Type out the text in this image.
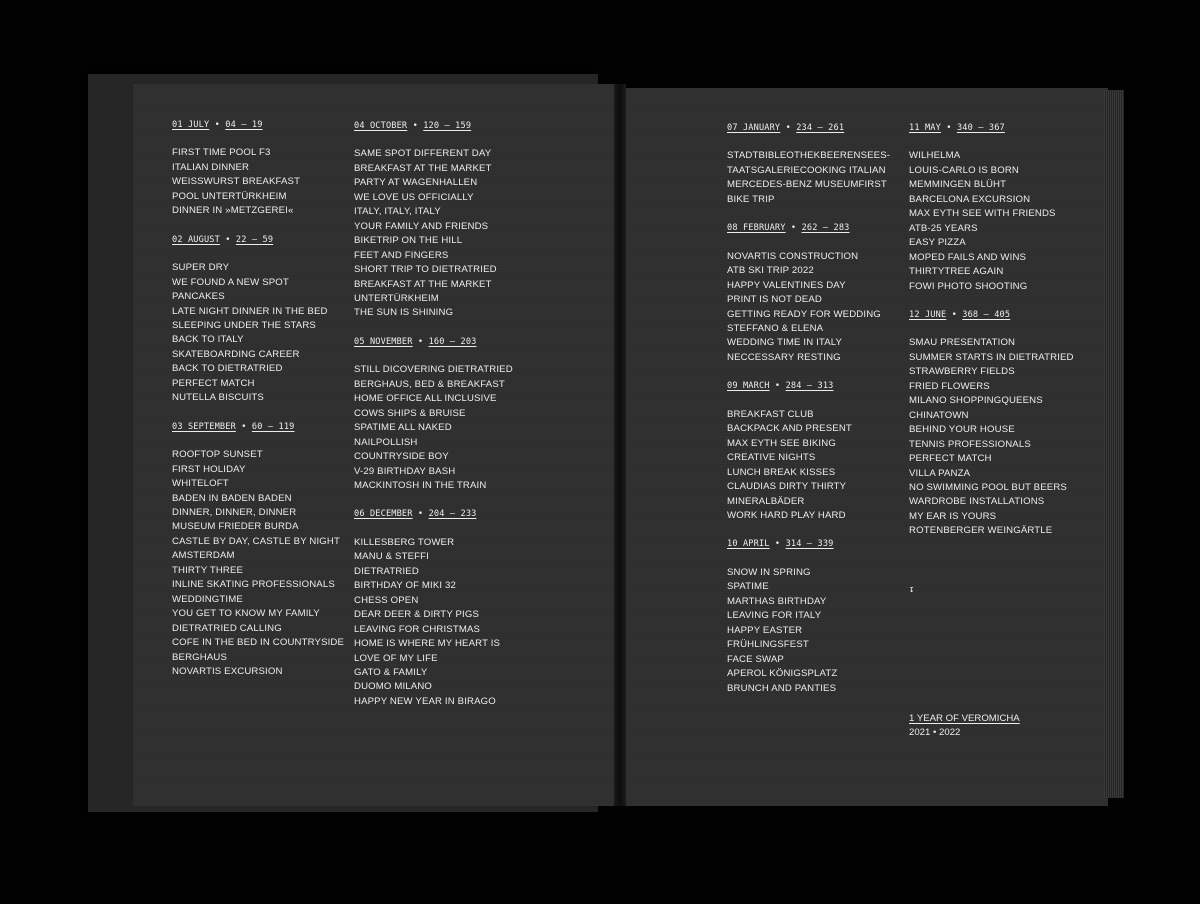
01 JULY • 04 – 19
FIRST TIME POOL F3
ITALIAN DINNER
WEISSWURST BREAKFAST
POOL UNTERTÜRKHEIM
DINNER IN »METZGEREI«
02 AUGUST • 22 – 59
SUPER DRY
WE FOUND A NEW SPOT
PANCAKES
LATE NIGHT DINNER IN THE BED
SLEEPING UNDER THE STARS
BACK TO ITALY
SKATEBOARDING CAREER
BACK TO DIETRATRIED
PERFECT MATCH
NUTELLA BISCUITS
03 SEPTEMBER • 60 – 119
ROOFTOP SUNSET
FIRST HOLIDAY
WHITELOFT
BADEN IN BADEN BADEN
DINNER, DINNER, DINNER
MUSEUM FRIEDER BURDA
CASTLE BY DAY, CASTLE BY NIGHT
AMSTERDAM
THIRTY THREE
INLINE SKATING PROFESSIONALS
WEDDINGTIME
YOU GET TO KNOW MY FAMILY
DIETRATRIED CALLING
COFE IN THE BED IN COUNTRYSIDE
BERGHAUS
NOVARTIS EXCURSION
04 OCTOBER • 120 – 159
SAME SPOT DIFFERENT DAY
BREAKFAST AT THE MARKET
PARTY AT WAGENHALLEN
WE LOVE US OFFICIALLY
ITALY, ITALY, ITALY
YOUR FAMILY AND FRIENDS
BIKETRIP ON THE HILL
FEET AND FINGERS
SHORT TRIP TO DIETRATRIED
BREAKFAST AT THE MARKET
UNTERTÜRKHEIM
THE SUN IS SHINING
05 NOVEMBER • 160 – 203
STILL DICOVERING DIETRATRIED
BERGHAUS, BED & BREAKFAST
HOME OFFICE ALL INCLUSIVE
COWS SHIPS & BRUISE
SPATIME ALL NAKED
NAILPOLLISH
COUNTRYSIDE BOY
V-29 BIRTHDAY BASH
MACKINTOSH IN THE TRAIN
06 DECEMBER • 204 – 233
KILLESBERG TOWER
MANU & STEFFI
DIETRATRIED
BIRTHDAY OF MIKI 32
CHESS OPEN
DEAR DEER & DIRTY PIGS
LEAVING FOR CHRISTMAS
HOME IS WHERE MY HEART IS
LOVE OF MY LIFE
GATO & FAMILY
DUOMO MILANO
HAPPY NEW YEAR IN BIRAGO
07 JANUARY • 234 – 261
STADTBIBLEOTHEKBEERENSEES-
TAATSGALERIECOOKING ITALIAN
MERCEDES-BENZ MUSEUMFIRST
BIKE TRIP
08 FEBRUARY • 262 – 283
NOVARTIS CONSTRUCTION
ATB SKI TRIP 2022
HAPPY VALENTINES DAY
PRINT IS NOT DEAD
GETTING READY FOR WEDDING
STEFFANO & ELENA
WEDDING TIME IN ITALY
NECCESSARY RESTING
09 MARCH • 284 – 313
BREAKFAST CLUB
BACKPACK AND PRESENT
MAX EYTH SEE BIKING
CREATIVE NIGHTS
LUNCH BREAK KISSES
CLAUDIAS DIRTY THIRTY
MINERALBÄDER
WORK HARD PLAY HARD
10 APRIL • 314 – 339
SNOW IN SPRING
SPATIME
MARTHAS BIRTHDAY
LEAVING FOR ITALY
HAPPY EASTER
FRÜHLINGSFEST
FACE SWAP
APEROL KÖNIGSPLATZ
BRUNCH AND PANTIES
11 MAY • 340 – 367
WILHELMA
LOUIS-CARLO IS BORN
MEMMINGEN BLÜHT
BARCELONA EXCURSION
MAX EYTH SEE WITH FRIENDS
ATB-25 YEARS
EASY PIZZA
MOPED FAILS AND WINS
THIRTYTREE AGAIN
FOWI PHOTO SHOOTING
12 JUNE • 368 – 405
SMAU PRESENTATION
SUMMER STARTS IN DIETRATRIED
STRAWBERRY FIELDS
FRIED FLOWERS
MILANO SHOPPINGQUEENS
CHINATOWN
BEHIND YOUR HOUSE
TENNIS PROFESSIONALS
PERFECT MATCH
VILLA PANZA
NO SWIMMING POOL BUT BEERS
WARDROBE INSTALLATIONS
MY EAR IS YOURS
ROTENBERGER WEINGÄRTLE
↧
1 YEAR OF VEROMICHA
2021 • 2022
